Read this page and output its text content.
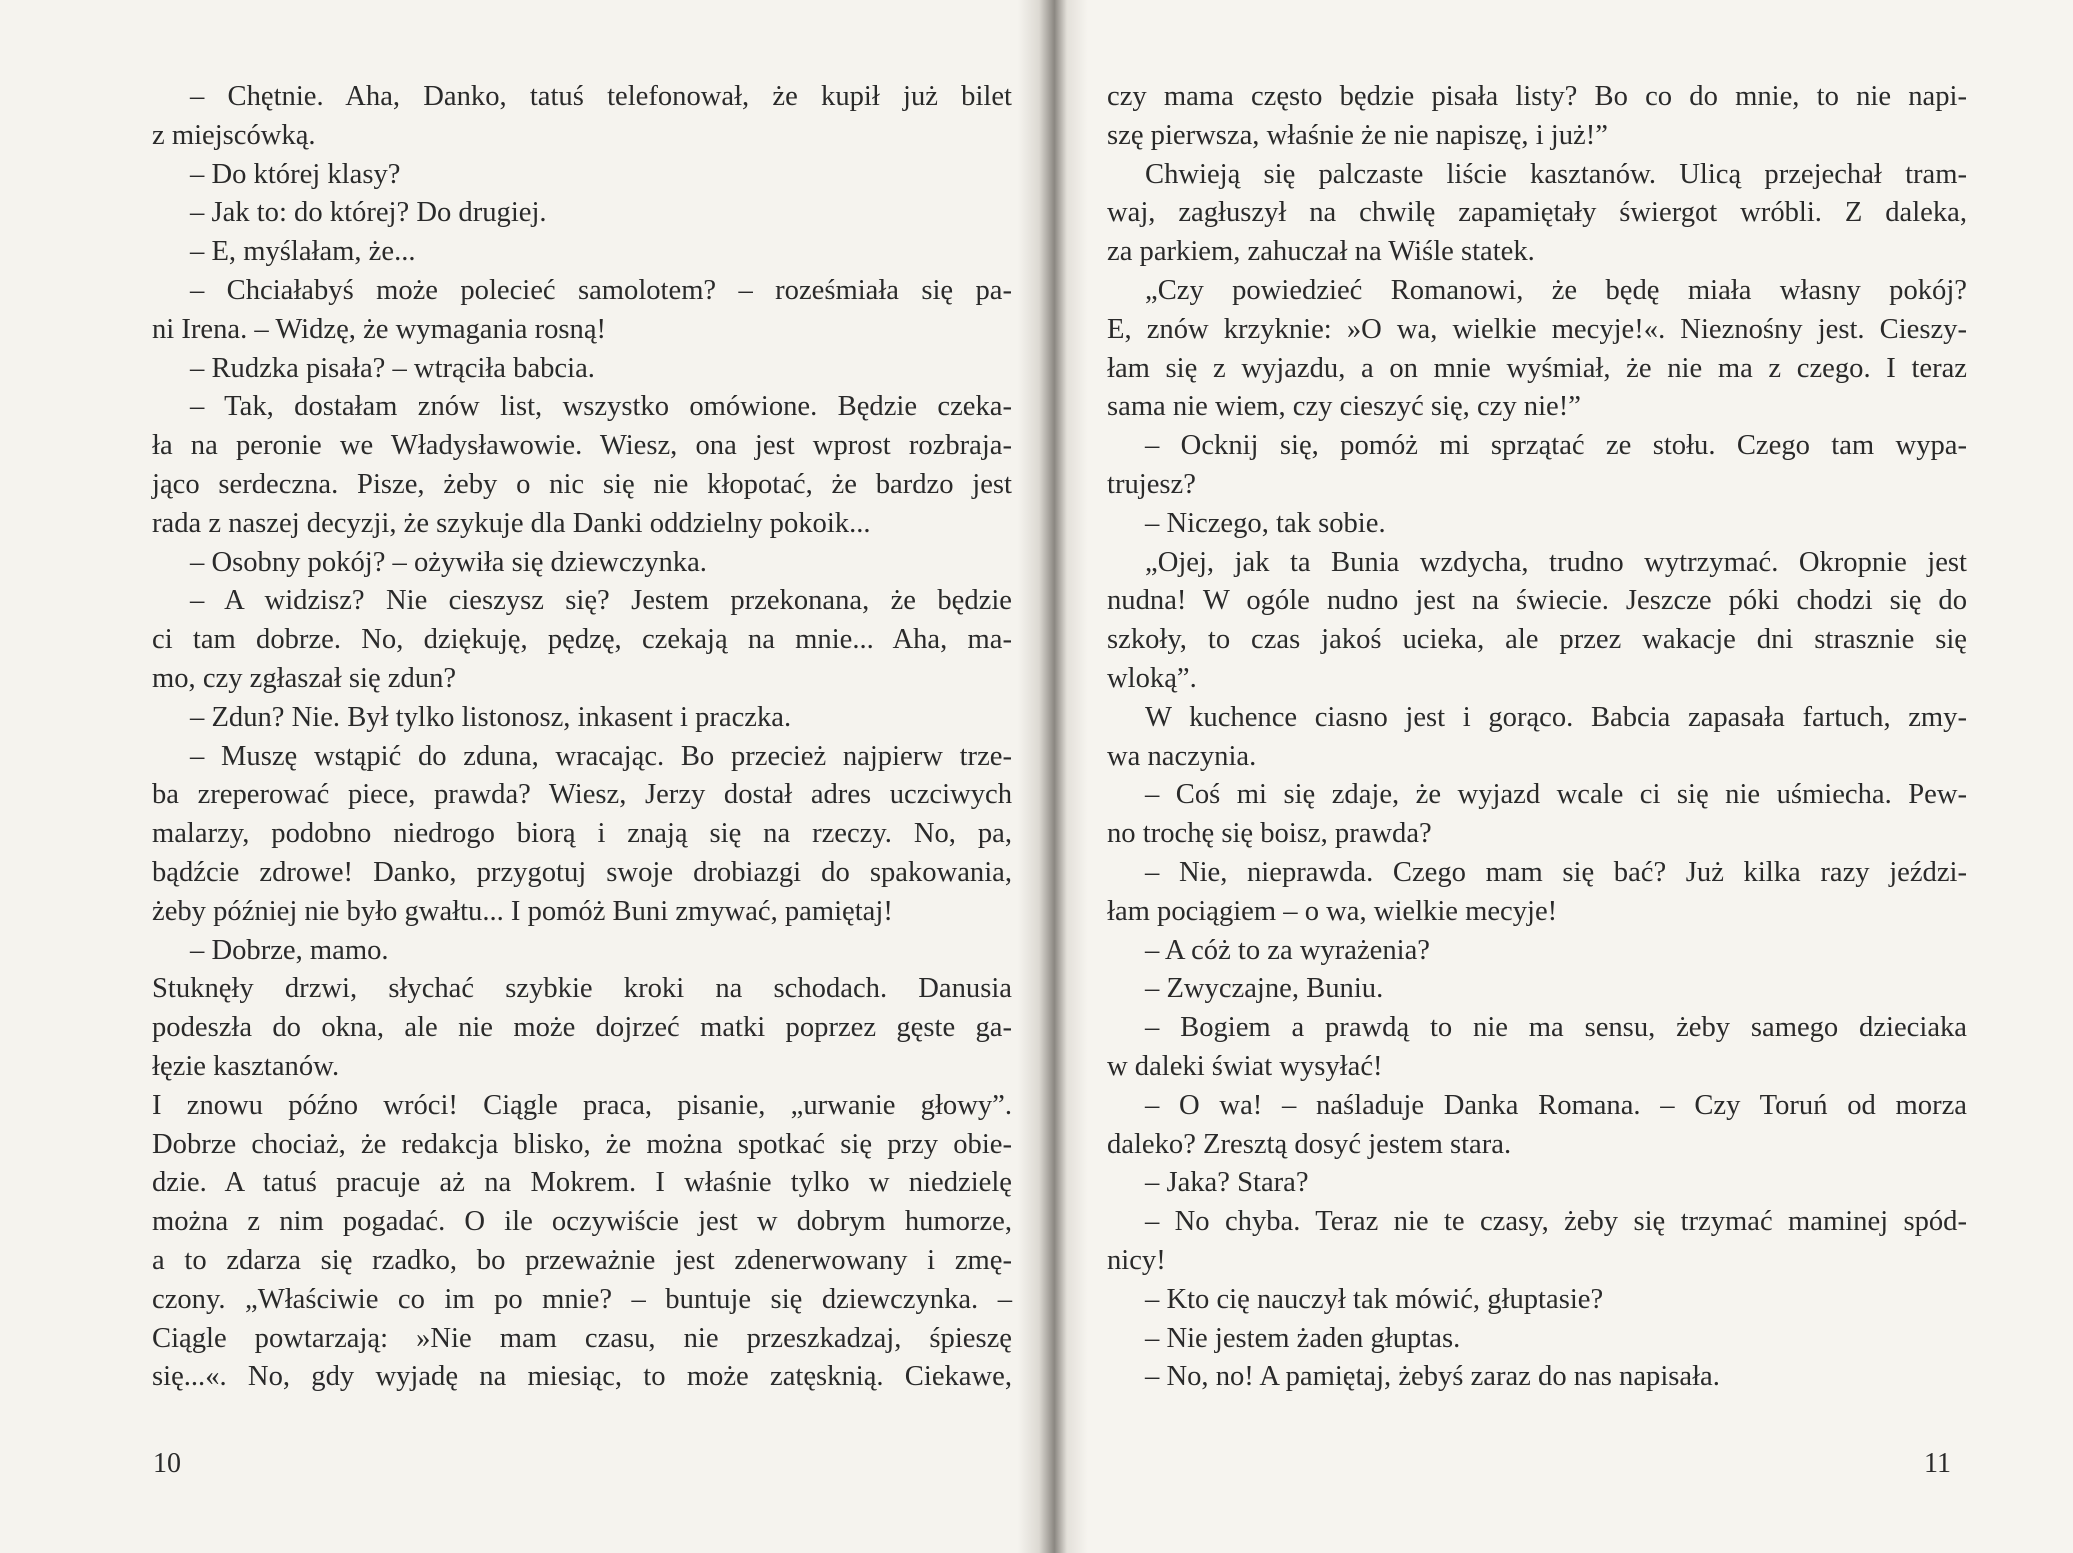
– Chętnie. Aha, Danko, tatuś telefonował, że kupił już bilet
z miejscówką.
– Do której klasy?
– Jak to: do której? Do drugiej.
– E, myślałam, że...
– Chciałabyś może polecieć samolotem? – roześmiała się pa-
ni Irena. – Widzę, że wymagania rosną!
– Rudzka pisała? – wtrąciła babcia.
– Tak, dostałam znów list, wszystko omówione. Będzie czeka-
ła na peronie we Władysławowie. Wiesz, ona jest wprost rozbraja-
jąco serdeczna. Pisze, żeby o nic się nie kłopotać, że bardzo jest
rada z naszej decyzji, że szykuje dla Danki oddzielny pokoik...
– Osobny pokój? – ożywiła się dziewczynka.
– A widzisz? Nie cieszysz się? Jestem przekonana, że będzie
ci tam dobrze. No, dziękuję, pędzę, czekają na mnie... Aha, ma-
mo, czy zgłaszał się zdun?
– Zdun? Nie. Był tylko listonosz, inkasent i praczka.
– Muszę wstąpić do zduna, wracając. Bo przecież najpierw trze-
ba zreperować piece, prawda? Wiesz, Jerzy dostał adres uczciwych
malarzy, podobno niedrogo biorą i znają się na rzeczy. No, pa,
bądźcie zdrowe! Danko, przygotuj swoje drobiazgi do spakowania,
żeby później nie było gwałtu... I pomóż Buni zmywać, pamiętaj!
– Dobrze, mamo.
Stuknęły drzwi, słychać szybkie kroki na schodach. Danusia
podeszła do okna, ale nie może dojrzeć matki poprzez gęste ga-
łęzie kasztanów.
I znowu późno wróci! Ciągle praca, pisanie, „urwanie głowy”.
Dobrze chociaż, że redakcja blisko, że można spotkać się przy obie-
dzie. A tatuś pracuje aż na Mokrem. I właśnie tylko w niedzielę
można z nim pogadać. O ile oczywiście jest w dobrym humorze,
a to zdarza się rzadko, bo przeważnie jest zdenerwowany i zmę-
czony. „Właściwie co im po mnie? – buntuje się dziewczynka. –
Ciągle powtarzają: »Nie mam czasu, nie przeszkadzaj, śpieszę
się...«. No, gdy wyjadę na miesiąc, to może zatęsknią. Ciekawe,
10
czy mama często będzie pisała listy? Bo co do mnie, to nie napi-
szę pierwsza, właśnie że nie napiszę, i już!”
Chwieją się palczaste liście kasztanów. Ulicą przejechał tram-
waj, zagłuszył na chwilę zapamiętały świergot wróbli. Z daleka,
za parkiem, zahuczał na Wiśle statek.
„Czy powiedzieć Romanowi, że będę miała własny pokój?
E, znów krzyknie: »O wa, wielkie mecyje!«. Nieznośny jest. Cieszy-
łam się z wyjazdu, a on mnie wyśmiał, że nie ma z czego. I teraz
sama nie wiem, czy cieszyć się, czy nie!”
– Ocknij się, pomóż mi sprzątać ze stołu. Czego tam wypa-
trujesz?
– Niczego, tak sobie.
„Ojej, jak ta Bunia wzdycha, trudno wytrzymać. Okropnie jest
nudna! W ogóle nudno jest na świecie. Jeszcze póki chodzi się do
szkoły, to czas jakoś ucieka, ale przez wakacje dni strasznie się
wloką”.
W kuchence ciasno jest i gorąco. Babcia zapasała fartuch, zmy-
wa naczynia.
– Coś mi się zdaje, że wyjazd wcale ci się nie uśmiecha. Pew-
no trochę się boisz, prawda?
– Nie, nieprawda. Czego mam się bać? Już kilka razy jeździ-
łam pociągiem – o wa, wielkie mecyje!
– A cóż to za wyrażenia?
– Zwyczajne, Buniu.
– Bogiem a prawdą to nie ma sensu, żeby samego dzieciaka
w daleki świat wysyłać!
– O wa! – naśladuje Danka Romana. – Czy Toruń od morza
daleko? Zresztą dosyć jestem stara.
– Jaka? Stara?
– No chyba. Teraz nie te czasy, żeby się trzymać maminej spód-
nicy!
– Kto cię nauczył tak mówić, głuptasie?
– Nie jestem żaden głuptas.
– No, no! A pamiętaj, żebyś zaraz do nas napisała.
11
